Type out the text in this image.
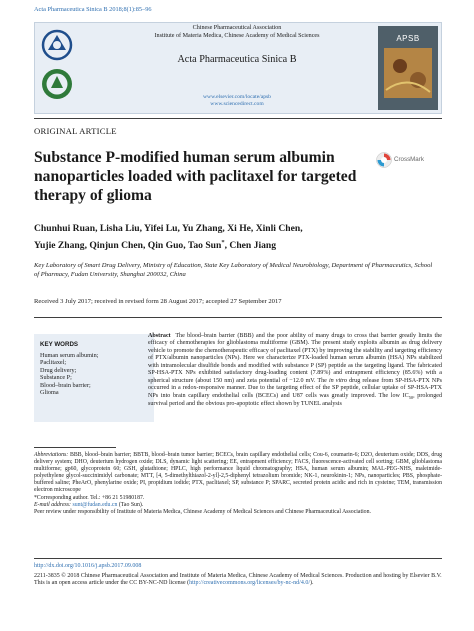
Acta Pharmaceutica Sinica B 2018;8(1):85–96
Chinese Pharmaceutical Association
Institute of Materia Medica, Chinese Academy of Medical Sciences
Acta Pharmaceutica Sinica B
www.elsevier.com/locate/apsb
www.sciencedirect.com
APSB
ORIGINAL ARTICLE
CrossMark
Substance P-modified human serum albumin nanoparticles loaded with paclitaxel for targeted therapy of glioma
Chunhui Ruan, Lisha Liu, Yifei Lu, Yu Zhang, Xi He, Xinli Chen,
Yujie Zhang, Qinjun Chen, Qin Guo, Tao Sun*, Chen Jiang
Key Laboratory of Smart Drug Delivery, Ministry of Education, State Key Laboratory of Medical Neurobiology, Department of Pharmaceutics, School of Pharmacy, Fudan University, Shanghai 200032, China
Received 3 July 2017; received in revised form 28 August 2017; accepted 27 September 2017
KEY WORDS
Human serum albumin;
Paclitaxel;
Drug delivery;
Substance P;
Blood–brain barrier;
Glioma
Abstract The blood–brain barrier (BBB) and the poor ability of many drugs to cross that barrier greatly limits the efficacy of chemotherapies for glioblastoma multiforme (GBM). The present study exploits albumin as drug delivery vehicle to promote the chemotherapeutic efficacy of paclitaxel (PTX) by improving the stability and targeting efficiency of PTX/albumin nanoparticles (NPs). Here we characterize PTX-loaded human serum albumin (HSA) NPs stabilized with intramolecular disulfide bonds and modified with substance P (SP) peptide as the targeting ligand. The fabricated SP-HSA-PTX NPs exhibited satisfactory drug-loading content (7.89%) and entrapment efficiency (85.6%) with a spherical structure (about 150 nm) and zeta potential of −12.0 mV. The in vitro drug release from SP-HSA-PTX NPs occurred in a redox-responsive manner. Due to the targeting effect of the SP peptide, cellular uptake of SP-HSA-PTX NPs into brain capillary endothelial cells (BCECs) and U87 cells was greatly improved. The low $IC_{50}$, prolonged survival period and the obvious pro-apoptotic effect shown by TUNEL analysis
Abbreviations: BBB, blood–brain barrier; BBTB, blood–brain tumor barrier; BCECs, brain capillary endothelial cells; Cou-6, coumarin-6; D2O, deuterium oxide; DDS, drug delivery system; DHO, deuterium hydrogen oxide; DLS, dynamic light scattering; EE, entrapment efficiency; FACS, fluorescence-activated cell sorting; GBM, glioblastoma multiforme; gp60, glycoprotein 60; GSH, glutathione; HPLC, high performance liquid chromatography; HSA, human serum albumin; MAL-PEG-NHS, maleimide-polyethylene glycol-succinimidyl carbonate; MTT, [4, 5-dimethylthiazol-2-yl]-2,5-diphenyl tetrazolium bromide; NK-1, neurokinin-1; NPs, nanoparticles; PBS, phosphate-buffered saline; PheArO, phenylarine oxide; PI, propidium iodide; PTX, paclitaxel; SP, substance P; SPARC, secreted protein acidic and rich in cysteine; TEM, transmission electron microscope
*Corresponding author. Tel.: +86 21 51980187.
E-mail address: sunt@fudan.edu.cn (Tao Sun).
Peer review under responsibility of Institute of Materia Medica, Chinese Academy of Medical Sciences and Chinese Pharmaceutical Association.
http://dx.doi.org/10.1016/j.apsb.2017.09.008
2211-3835 © 2018 Chinese Pharmaceutical Association and Institute of Materia Medica, Chinese Academy of Medical Sciences. Production and hosting by Elsevier B.V. This is an open access article under the CC BY-NC-ND license (http://creativecommons.org/licenses/by-nc-nd/4.0/).
